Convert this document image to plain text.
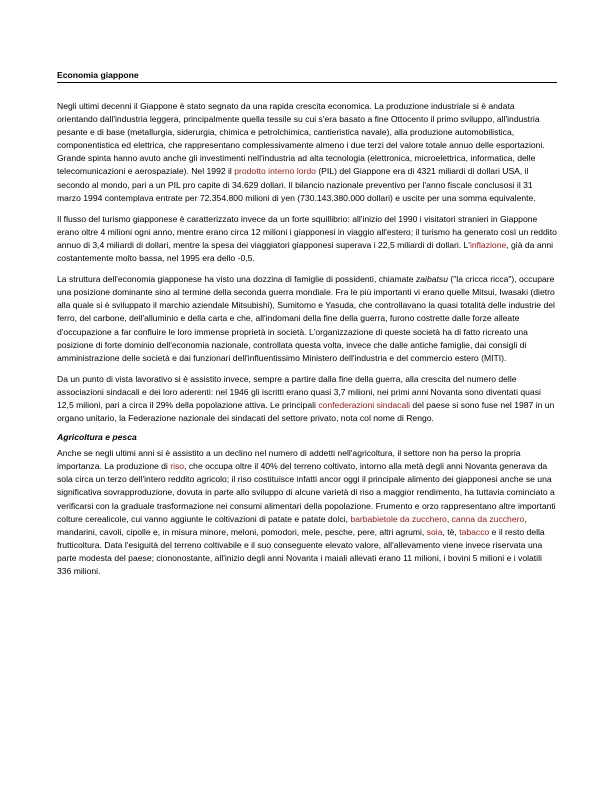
Economia giappone

Negli ultimi decenni il Giappone è stato segnato da una rapida crescita economica. La produzione industriale si è andata orientando dall'industria leggera, principalmente quella tessile su cui s'era basato a fine Ottocento il primo sviluppo, all'industria pesante e di base (metallurgia, siderurgia, chimica e petrolchimica, cantieristica navale), alla produzione automobilistica, componentistica ed elettrica, che rappresentano complessivamente almeno i due terzi del valore totale annuo delle esportazioni. Grande spinta hanno avuto anche gli investimenti nell'industria ad alta tecnologia (elettronica, microelettrica, informatica, delle telecomunicazioni e aerospaziale). Nel 1992 il prodotto interno lordo (PIL) del Giappone era di 4321 miliardi di dollari USA, il secondo al mondo, pari a un PIL pro capite di 34.629 dollari. Il bilancio nazionale preventivo per l'anno fiscale conclusosi il 31 marzo 1994 contemplava entrate per 72.354.800 milioni di yen (730.143.380.000 dollari) e uscite per una somma equivalente.

Il flusso del turismo giapponese è caratterizzato invece da un forte squillibrio: all'inizio del 1990 i visitatori stranieri in Giappone erano oltre 4 milioni ogni anno, mentre erano circa 12 milioni i giapponesi in viaggio all'estero; il turismo ha generato così un reddito annuo di 3,4 miliardi di dollari, mentre la spesa dei viaggiatori giapponesi superava i 22,5 miliardi di dollari. L'inflazione, già da anni costantemente molto bassa, nel 1995 era dello -0,5.

La struttura dell'economia giapponese ha visto una dozzina di famiglie di possidenti, chiamate zaibatsu ("la cricca ricca"), occupare una posizione dominante sino al termine della seconda guerra mondiale. Fra le più importanti vi erano quelle Mitsui, Iwasaki (dietro alla quale si è sviluppato il marchio aziendale Mitsubishi), Sumitomo e Yasuda, che controllavano la quasi totalità delle industrie del ferro, del carbone, dell'alluminio e della carta e che, all'indomani della fine della guerra, furono costrette dalle forze alleate d'occupazione a far confluire le loro immense proprietà in società. L'organizzazione di queste società ha di fatto ricreato una posizione di forte dominio dell'economia nazionale, controllata questa volta, invece che dalle antiche famiglie, dai consigli di amministrazione delle società e dai funzionari dell'influentissimo Ministero dell'industria e del commercio estero (MITI).

Da un punto di vista lavorativo si è assistito invece, sempre a partire dalla fine della guerra, alla crescita del numero delle associazioni sindacali e dei loro aderenti: nel 1946 gli iscritti erano quasi 3,7 milioni, nei primi anni Novanta sono diventati quasi 12,5 milioni, pari a circa il 29% della popolazione attiva. Le principali confederazioni sindacali del paese si sono fuse nel 1987 in un organo unitario, la Federazione nazionale dei sindacati del settore privato, nota col nome di Rengo.

Agricoltura e pesca

Anche se negli ultimi anni si è assistito a un declino nel numero di addetti nell'agricoltura, il settore non ha perso la propria importanza. La produzione di riso, che occupa oltre il 40% del terreno coltivato, intorno alla metà degli anni Novanta generava da sola circa un terzo dell'intero reddito agricolo; il riso costituisce infatti ancor oggi il principale alimento dei giapponesi anche se una significativa sovrapproduzione, dovuta in parte allo sviluppo di alcune varietà di riso a maggior rendimento, ha tuttavia cominciato a verificarsi con la graduale trasformazione nei consumi alimentari della popolazione. Frumento e orzo rappresentano altre importanti colture cerealicole, cui vanno aggiunte le coltivazioni di patate e patate dolci, barbabietole da zucchero, canna da zucchero, mandarini, cavoli, cipolle e, in misura minore, meloni, pomodori, mele, pesche, pere, altri agrumi, soia, tè, tabacco e il resto della frutticoltura. Data l'esiguità del terreno coltivabile e il suo conseguente elevato valore, all'allevamento viene invece riservata una parte modesta del paese; ciononostante, all'inizio degli anni Novanta i maiali allevati erano 11 milioni, i bovini 5 milioni e i volatili 336 milioni.
